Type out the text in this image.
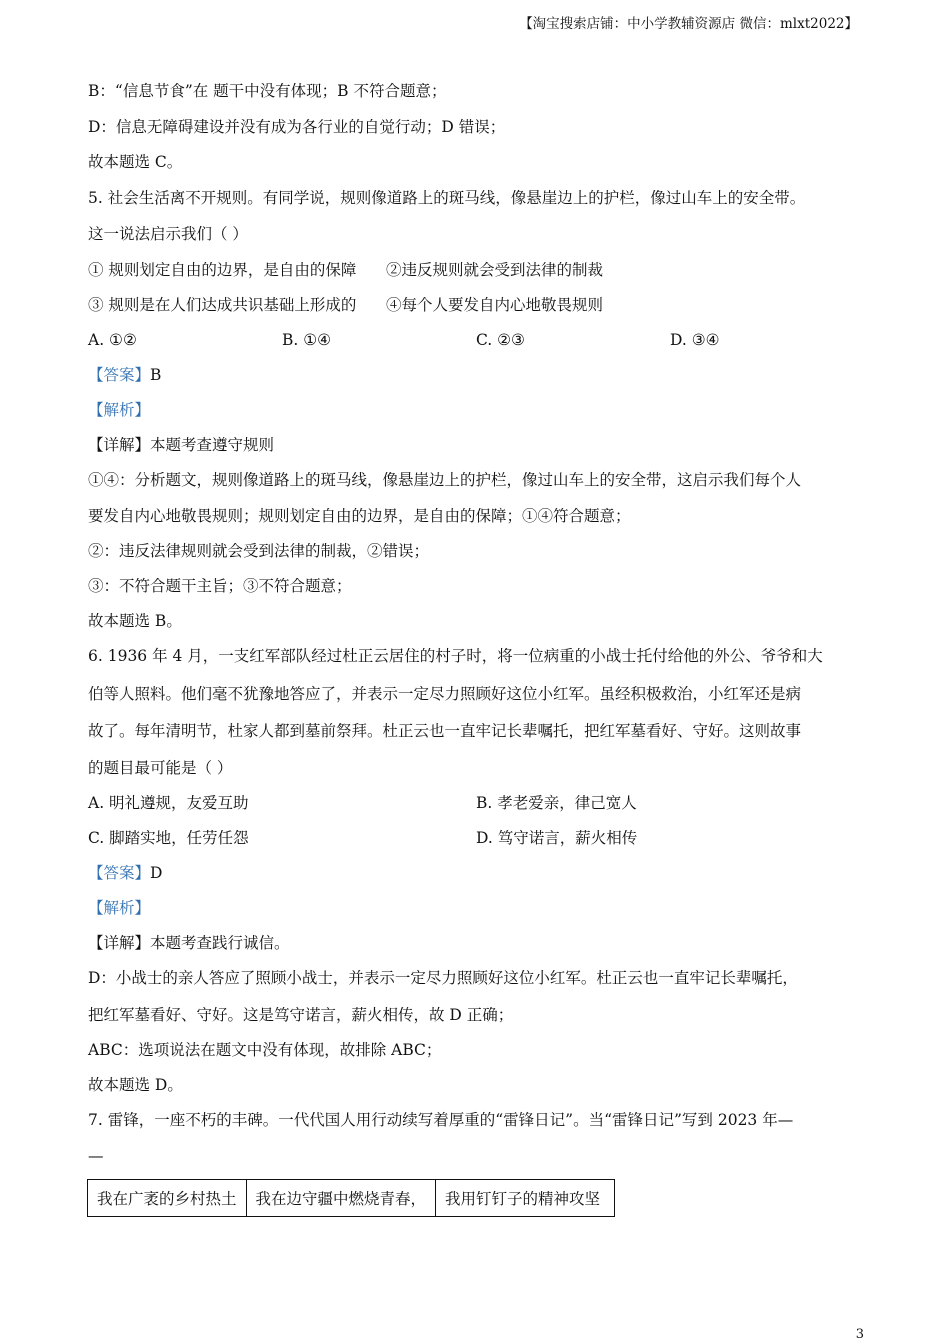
【淘宝搜索店铺：中小学教辅资源店 微信：mlxt2022】
B：“信息节食”在 题干中没有体现；B 不符合题意；
D：信息无障碍建设并没有成为各行业的自觉行动；D 错误；
故本题选 C。
5. 社会生活离不开规则。有同学说，规则像道路上的斑马线，像悬崖边上的护栏，像过山车上的安全带。
这一说法启示我们（ ）
① 规则划定自由的边界，是自由的保障      ②违反规则就会受到法律的制裁
③ 规则是在人们达成共识基础上形成的      ④每个人要发自内心地敬畏规则
A. ①②	B. ①④	C. ②③	D. ③④
【答案】B
【解析】
【详解】本题考查遵守规则
①④：分析题文，规则像道路上的斑马线，像悬崖边上的护栏，像过山车上的安全带，这启示我们每个人
要发自内心地敬畏规则；规则划定自由的边界，是自由的保障；①④符合题意；
②：违反法律规则就会受到法律的制裁，②错误；
③：不符合题干主旨；③不符合题意；
故本题选 B。
6. 1936 年 4 月，一支红军部队经过杜正云居住的村子时，将一位病重的小战士托付给他的外公、爷爷和大
伯等人照料。他们毫不犹豫地答应了，并表示一定尽力照顾好这位小红军。虽经积极救治，小红军还是病
故了。每年清明节，杜家人都到墓前祭拜。杜正云也一直牢记长辈嘱托，把红军墓看好、守好。这则故事
的题目最可能是（ ）
A. 明礼遵规，友爱互助	B. 孝老爱亲，律己宽人
C. 脚踏实地，任劳任怨	D. 笃守诺言，薪火相传
【答案】D
【解析】
【详解】本题考查践行诚信。
D：小战士的亲人答应了照顾小战士，并表示一定尽力照顾好这位小红军。杜正云也一直牢记长辈嘱托，
把红军墓看好、守好。这是笃守诺言，薪火相传，故 D 正确；
ABC：选项说法在题文中没有体现，故排除 ABC；
故本题选 D。
7. 雷锋，一座不朽的丰碑。一代代国人用行动续写着厚重的“雷锋日记”。当“雷锋日记”写到 2023 年—
—
我在广袤的乡村热土	我在边守疆中燃烧青春，	我用钉钉子的精神攻坚
3
